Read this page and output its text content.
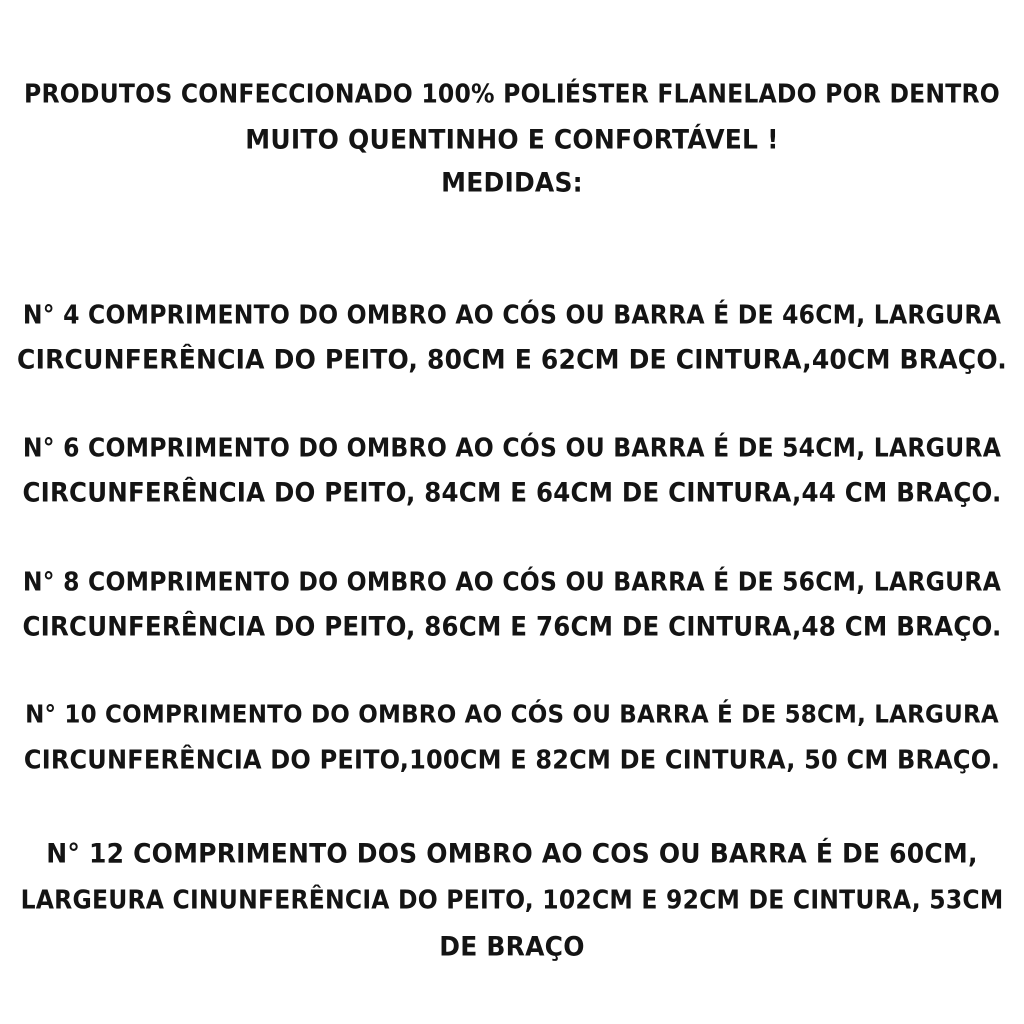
PRODUTOS CONFECCIONADO 100% POLIÉSTER FLANELADO POR DENTRO
MUITO QUENTINHO E CONFORTÁVEL !
MEDIDAS:
N° 4 COMPRIMENTO DO OMBRO AO CÓS OU BARRA É DE 46CM, LARGURA
CIRCUNFERÊNCIA DO PEITO, 80CM E 62CM DE CINTURA,40CM BRAÇO.
N° 6 COMPRIMENTO DO OMBRO AO CÓS OU BARRA É DE 54CM, LARGURA
CIRCUNFERÊNCIA DO PEITO, 84CM E 64CM DE CINTURA,44 CM BRAÇO.
N° 8 COMPRIMENTO DO OMBRO AO CÓS OU BARRA É DE 56CM, LARGURA
CIRCUNFERÊNCIA DO PEITO, 86CM E 76CM DE CINTURA,48 CM BRAÇO.
N° 10 COMPRIMENTO DO OMBRO AO CÓS OU BARRA É DE 58CM, LARGURA
CIRCUNFERÊNCIA DO PEITO,100CM E 82CM DE CINTURA, 50 CM BRAÇO.
N° 12 COMPRIMENTO DOS OMBRO AO COS OU BARRA É DE 60CM,
LARGEURA CINUNFERÊNCIA DO PEITO, 102CM E 92CM DE CINTURA, 53CM
DE BRAÇO
